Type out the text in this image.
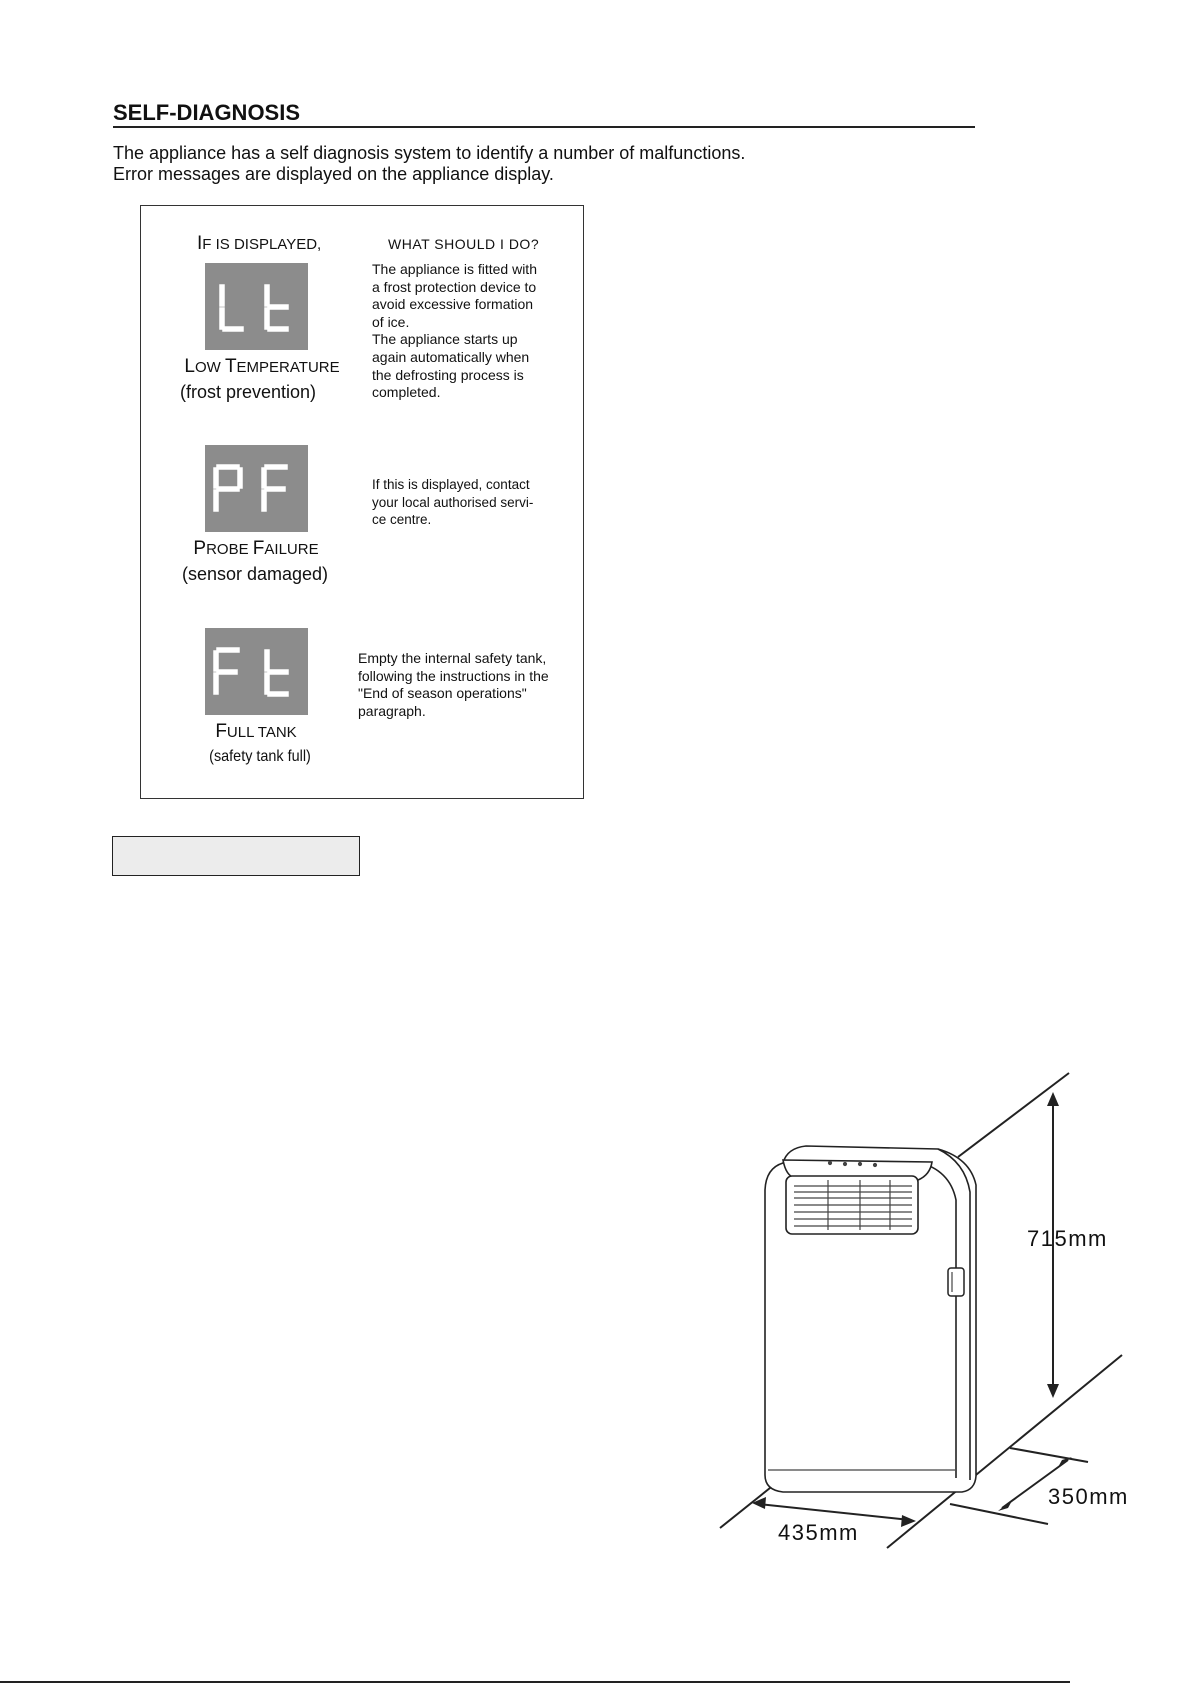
SELF-DIAGNOSIS
The appliance has a self diagnosis system to identify a number of malfunctions.
Error messages are displayed on the appliance display.
IF IS DISPLAYED,	WHAT SHOULD I DO?
LOW TEMPERATURE
(frost prevention)
The appliance is fitted with
a frost protection device to
avoid excessive formation
of ice.
The appliance starts up
again automatically when
the defrosting process is
completed.
PROBE FAILURE
(sensor damaged)
If this is displayed, contact
your local authorised servi-
ce centre.
FULL TANK
(safety tank full)
Empty the internal safety tank,
following the instructions in the
"End of season operations"
paragraph.
715mm
350mm
435mm
